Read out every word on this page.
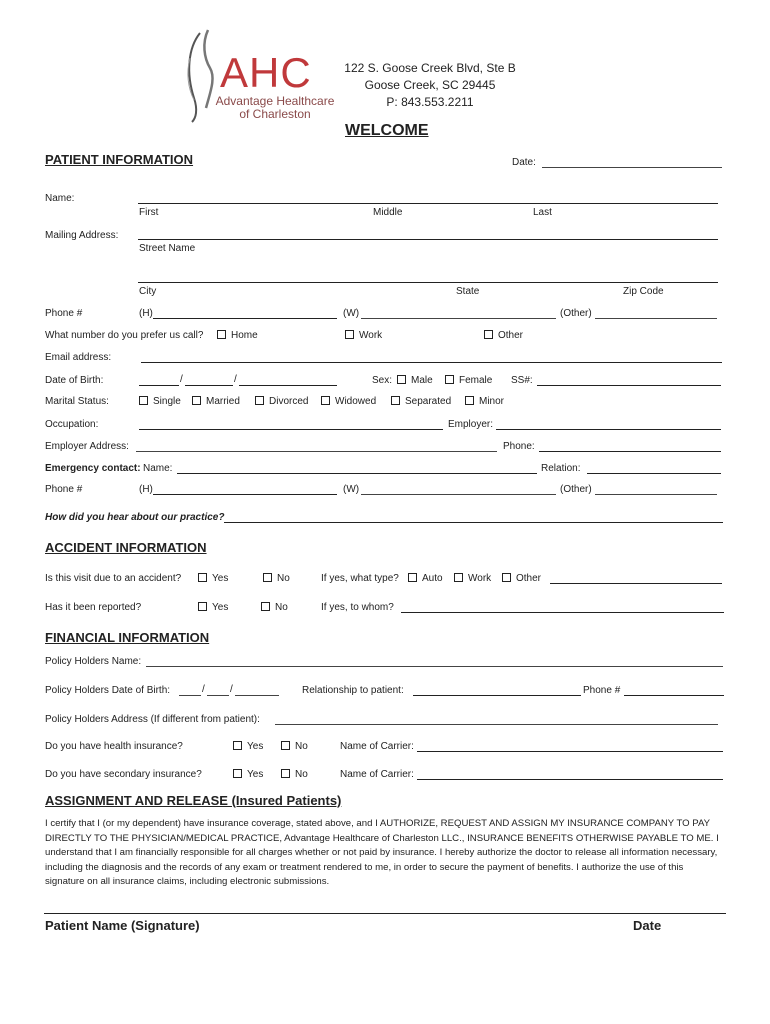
AHC
Advantage Healthcare
of Charleston
122 S. Goose Creek Blvd, Ste B
Goose Creek, SC 29445
P: 843.553.2211
WELCOME
PATIENT INFORMATION	Date:
Name:
First	Middle	Last
Mailing Address:
Street Name
City	State	Zip Code
Phone #	(H)	(W)	(Other)
What number do you prefer us call?	Home	Work	Other
Email address:
Date of Birth:	/	/	Sex:	Male	Female SS#:
Marital Status:	Single	Married	Divorced	Widowed	Separated	Minor
Occupation:	Employer:
Employer Address:	Phone:
Emergency contact: Name:	Relation:
Phone #	(H)	(W)	(Other)
How did you hear about our practice?
ACCIDENT INFORMATION
Is this visit due to an accident?	Yes	No	If yes, what type?	Auto	Work	Other
Has it been reported?	Yes	No	If yes, to whom?
FINANCIAL INFORMATION
Policy Holders Name:
Policy Holders Date of Birth:	/	/	Relationship to patient:	Phone #
Policy Holders Address (If different from patient):
Do you have health insurance?	Yes	No	Name of Carrier:
Do you have secondary insurance?	Yes	No	Name of Carrier:
ASSIGNMENT AND RELEASE (Insured Patients)
I certify that I (or my dependent) have insurance coverage, stated above, and I AUTHORIZE, REQUEST AND ASSIGN MY INSURANCE COMPANY TO PAY DIRECTLY TO THE PHYSICIAN/MEDICAL PRACTICE, Advantage Healthcare of Charleston LLC., INSURANCE BENEFITS OTHERWISE PAYABLE TO ME. I understand that I am financially responsible for all charges whether or not paid by insurance. I hereby authorize the doctor to release all information necessary, including the diagnosis and the records of any exam or treatment rendered to me, in order to secure the payment of benefits. I authorize the use of this signature on all insurance claims, including electronic submissions.
Patient Name (Signature)	Date
